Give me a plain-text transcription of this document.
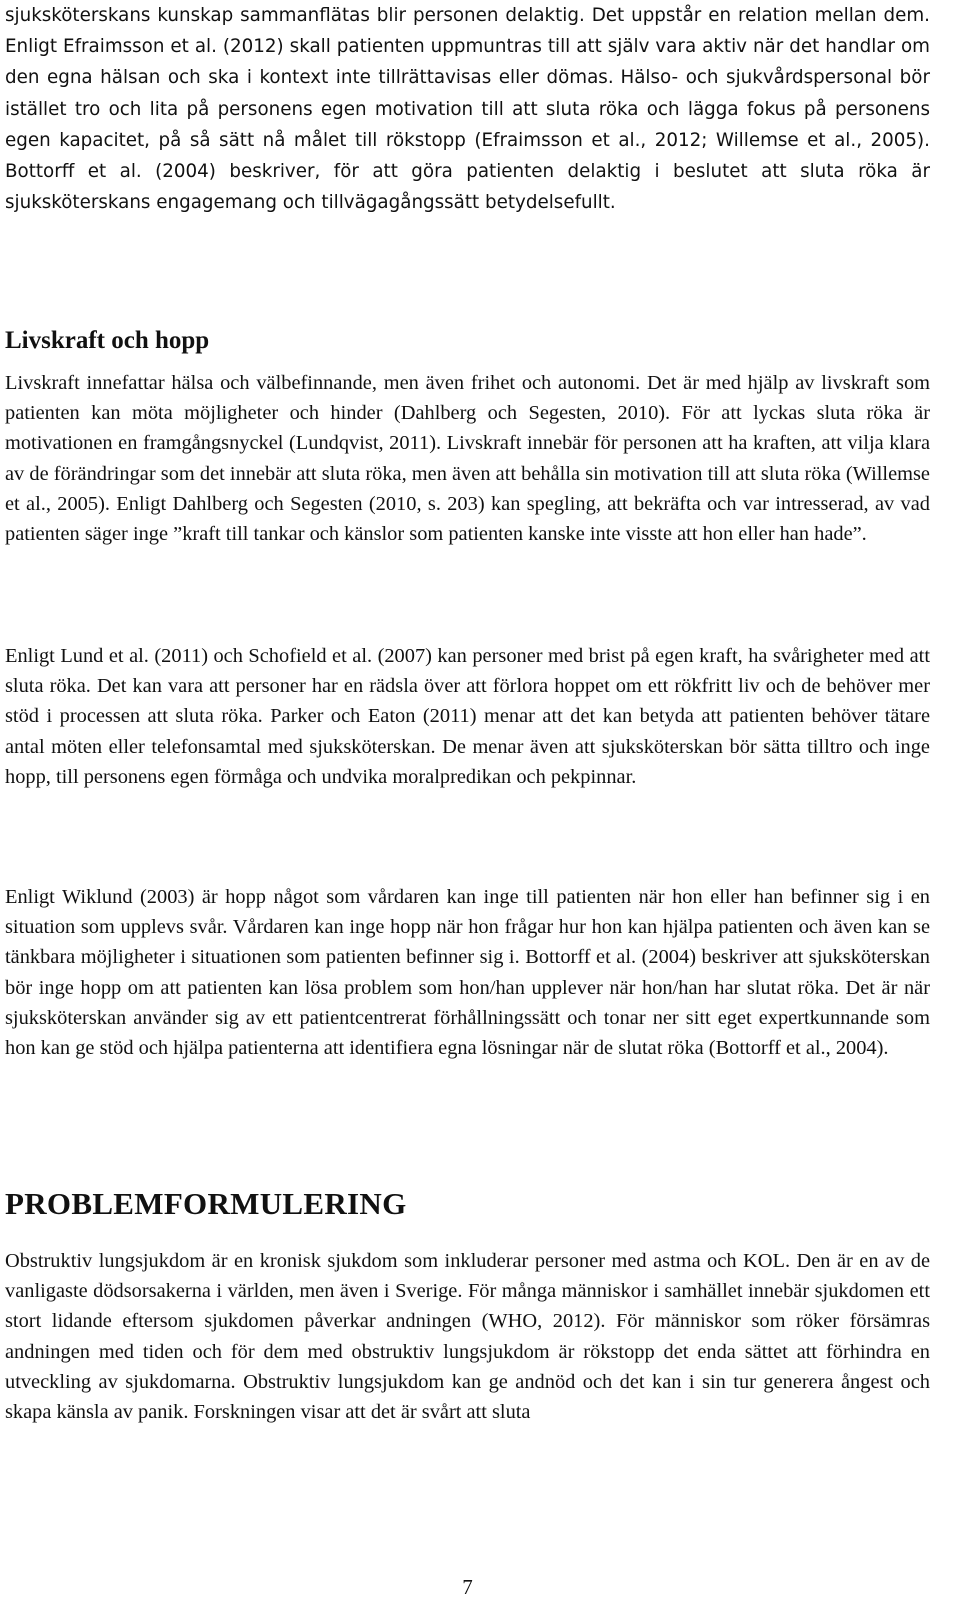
sjuksköterskans kunskap sammanflätas blir personen delaktig. Det uppstår en relation mellan dem. Enligt Efraimsson et al. (2012) skall patienten uppmuntras till att själv vara aktiv när det handlar om den egna hälsan och ska i kontext inte tillrättavisas eller dömas. Hälso- och sjukvårdspersonal bör istället tro och lita på personens egen motivation till att sluta röka och lägga fokus på personens egen kapacitet, på så sätt nå målet till rökstopp (Efraimsson et al., 2012; Willemse et al., 2005). Bottorff et al. (2004) beskriver, för att göra patienten delaktig i beslutet att sluta röka är sjuksköterskans engagemang och tillvägagångssätt betydelsefullt.

Livskraft och hopp

Livskraft innefattar hälsa och välbefinnande, men även frihet och autonomi. Det är med hjälp av livskraft som patienten kan möta möjligheter och hinder (Dahlberg och Segesten, 2010). För att lyckas sluta röka är motivationen en framgångsnyckel (Lundqvist, 2011). Livskraft innebär för personen att ha kraften, att vilja klara av de förändringar som det innebär att sluta röka, men även att behålla sin motivation till att sluta röka (Willemse et al., 2005). Enligt Dahlberg och Segesten (2010, s. 203) kan spegling, att bekräfta och var intresserad, av vad patienten säger inge ”kraft till tankar och känslor som patienten kanske inte visste att hon eller han hade”.

Enligt Lund et al. (2011) och Schofield et al. (2007) kan personer med brist på egen kraft, ha svårigheter med att sluta röka. Det kan vara att personer har en rädsla över att förlora hoppet om ett rökfritt liv och de behöver mer stöd i processen att sluta röka. Parker och Eaton (2011) menar att det kan betyda att patienten behöver tätare antal möten eller telefonsamtal med sjuksköterskan. De menar även att sjuksköterskan bör sätta tilltro och inge hopp, till personens egen förmåga och undvika moralpredikan och pekpinnar.

Enligt Wiklund (2003) är hopp något som vårdaren kan inge till patienten när hon eller han befinner sig i en situation som upplevs svår. Vårdaren kan inge hopp när hon frågar hur hon kan hjälpa patienten och även kan se tänkbara möjligheter i situationen som patienten befinner sig i. Bottorff et al. (2004) beskriver att sjuksköterskan bör inge hopp om att patienten kan lösa problem som hon/han upplever när hon/han har slutat röka. Det är när sjuksköterskan använder sig av ett patientcentrerat förhållningssätt och tonar ner sitt eget expertkunnande som hon kan ge stöd och hjälpa patienterna att identifiera egna lösningar när de slutat röka (Bottorff et al., 2004).

PROBLEMFORMULERING

Obstruktiv lungsjukdom är en kronisk sjukdom som inkluderar personer med astma och KOL. Den är en av de vanligaste dödsorsakerna i världen, men även i Sverige. För många människor i samhället innebär sjukdomen ett stort lidande eftersom sjukdomen påverkar andningen (WHO, 2012). För människor som röker försämras andningen med tiden och för dem med obstruktiv lungsjukdom är rökstopp det enda sättet att förhindra en utveckling av sjukdomarna. Obstruktiv lungsjukdom kan ge andnöd och det kan i sin tur generera ångest och skapa känsla av panik. Forskningen visar att det är svårt att sluta

7
